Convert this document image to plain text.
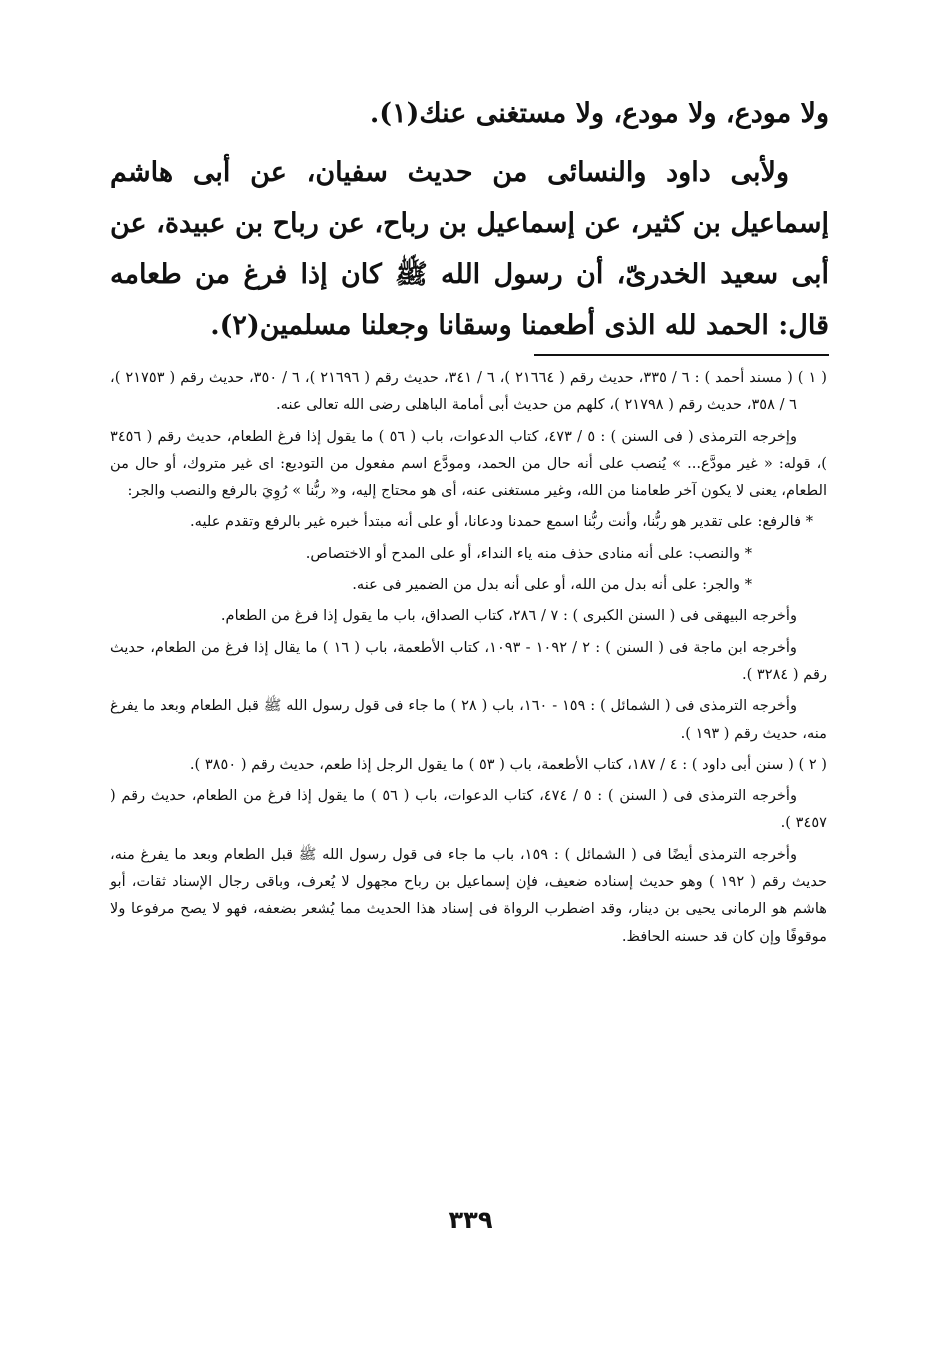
ولا مودع، ولا مودع، ولا مستغنى عنك(١).

ولأبى داود والنسائى من حديث سفيان، عن أبى هاشم إسماعيل بن كثير، عن إسماعيل بن رباح، عن رباح بن عبيدة، عن أبى سعيد الخدرىّ، أن رسول الله ﷺ كان إذا فرغ من طعامه قال: الحمد لله الذى أطعمنا وسقانا وجعلنا مسلمين(٢).

( ١ ) ( مسند أحمد ) : ٦ / ٣٣٥، حديث رقم ( ٢١٦٦٤ )، ٦ / ٣٤١، حديث رقم ( ٢١٦٩٦ )، ٦ / ٣٥٠، حديث رقم ( ٢١٧٥٣ )، ٦ / ٣٥٨، حديث رقم ( ٢١٧٩٨ )، كلهم من حديث أبى أمامة الباهلى رضى الله تعالى عنه.

وإخرجه الترمذى ( فى السنن ) : ٥ / ٤٧٣، كتاب الدعوات، باب ( ٥٦ ) ما يقول إذا فرغ الطعام، حديث رقم ( ٣٤٥٦ )، قوله: « غير مودَّع... » يُنصب على أنه حال من الحمد، ومودَّع اسم مفعول من التوديع: اى غير متروك، أو حال من الطعام، يعنى لا يكون آخر طعامنا من الله، وغير مستغنى عنه، أى هو محتاج إليه، و« ربُّنا » رُوِيَ بالرفع والنصب والجر:

* فالرفع: على تقدير هو ربُّنا، وأنت ربُّنا اسمع حمدنا ودعانا، أو على أنه مبتدأ خبره غير بالرفع وتقدم عليه.

* والنصب: على أنه منادى حذف منه ياء النداء، أو على المدح أو الاختصاص.

* والجر: على أنه بدل من الله، أو على أنه بدل من الضمير فى عنه.

وأخرجه البيهقى فى ( السنن الكبرى ) : ٧ / ٢٨٦، كتاب الصداق، باب ما يقول إذا فرغ من الطعام.

وأخرجه ابن ماجة فى ( السنن ) : ٢ / ١٠٩٢ - ١٠٩٣، كتاب الأطعمة، باب ( ١٦ ) ما يقال إذا فرغ من الطعام، حديث رقم ( ٣٢٨٤ ).

وأخرجه الترمذى فى ( الشمائل ) : ١٥٩ - ١٦٠، باب ( ٢٨ ) ما جاء فى قول رسول الله ﷺ قبل الطعام وبعد ما يفرغ منه، حديث رقم ( ١٩٣ ).

( ٢ ) ( سنن أبى داود ) : ٤ / ١٨٧، كتاب الأطعمة، باب ( ٥٣ ) ما يقول الرجل إذا طعم، حديث رقم ( ٣٨٥٠ ).

وأخرجه الترمذى فى ( السنن ) : ٥ / ٤٧٤، كتاب الدعوات، باب ( ٥٦ ) ما يقول إذا فرغ من الطعام، حديث رقم ( ٣٤٥٧ ).

وأخرجه الترمذى أيضًا فى ( الشمائل ) : ١٥٩، باب ما جاء فى قول رسول الله ﷺ قبل الطعام وبعد ما يفرغ منه، حديث رقم ( ١٩٢ ) وهو حديث إسناده ضعيف، فإن إسماعيل بن رباح مجهول لا يُعرف، وباقى رجال الإسناد ثقات، أبو هاشم هو الرمانى يحيى بن دينار، وقد اضطرب الرواة فى إسناد هذا الحديث مما يُشعر بضعفه، فهو لا يصح مرفوعا ولا موقوفًا وإن كان قد حسنه الحافظ.

٣٣٩
